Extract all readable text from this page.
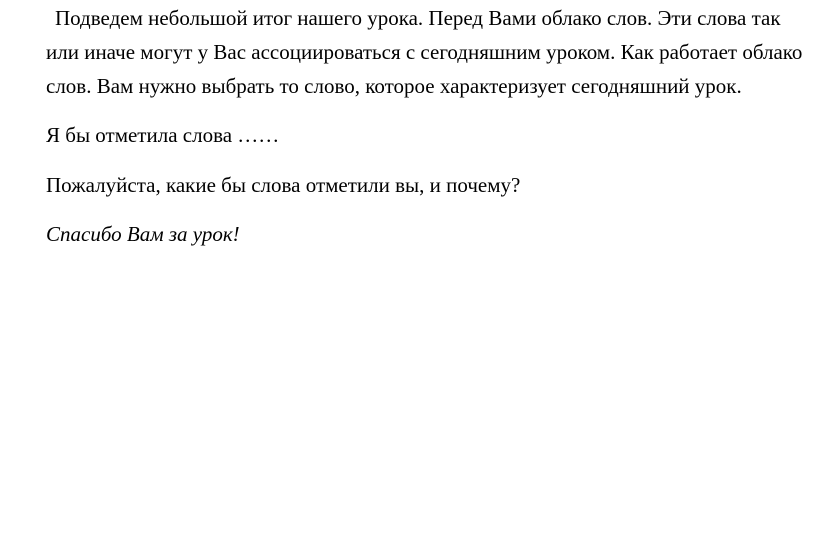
Подведем небольшой итог нашего урока. Перед Вами облако слов. Эти слова так
или иначе могут у Вас ассоциироваться с сегодняшним уроком. Как работает облако
слов. Вам нужно выбрать то слово, которое характеризует сегодняшний урок.

Я бы отметила слова ……

Пожалуйста, какие бы слова отметили вы, и почему?

Спасибо Вам за урок!
